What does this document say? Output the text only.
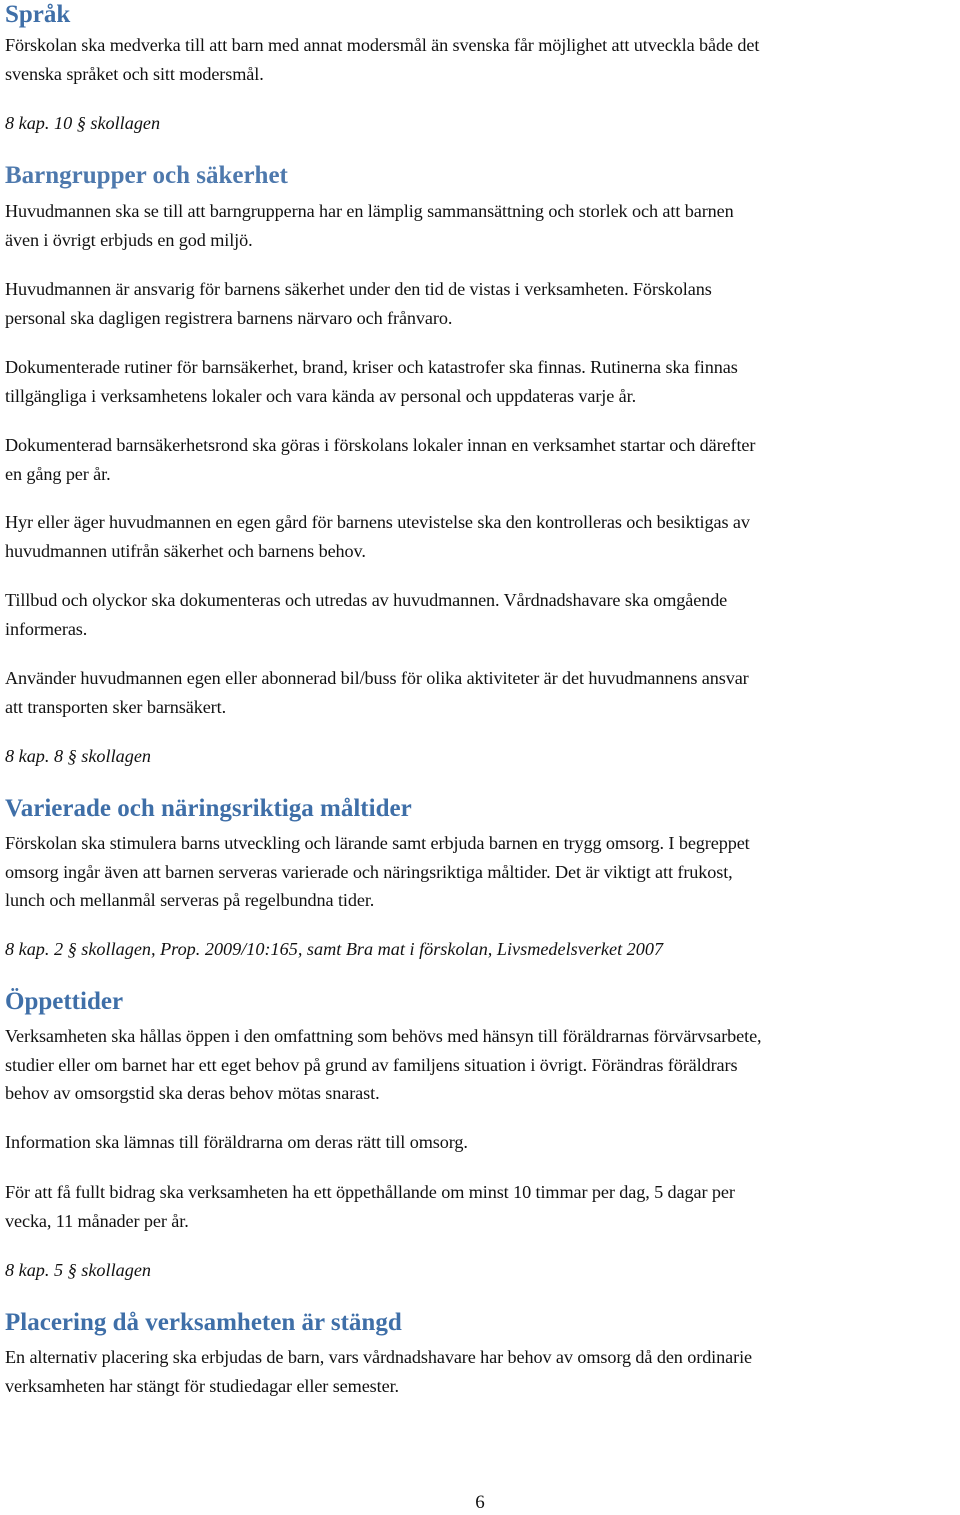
Språk

Förskolan ska medverka till att barn med annat modersmål än svenska får möjlighet att utveckla både det
svenska språket och sitt modersmål.

8 kap. 10 § skollagen

Barngrupper och säkerhet

Huvudmannen ska se till att barngrupperna har en lämplig sammansättning och storlek och att barnen
även i övrigt erbjuds en god miljö.

Huvudmannen är ansvarig för barnens säkerhet under den tid de vistas i verksamheten. Förskolans
personal ska dagligen registrera barnens närvaro och frånvaro.

Dokumenterade rutiner för barnsäkerhet, brand, kriser och katastrofer ska finnas. Rutinerna ska finnas
tillgängliga i verksamhetens lokaler och vara kända av personal och uppdateras varje år.

Dokumenterad barnsäkerhetsrond ska göras i förskolans lokaler innan en verksamhet startar och därefter
en gång per år.

Hyr eller äger huvudmannen en egen gård för barnens utevistelse ska den kontrolleras och besiktigas av
huvudmannen utifrån säkerhet och barnens behov.

Tillbud och olyckor ska dokumenteras och utredas av huvudmannen. Vårdnadshavare ska omgående
informeras.

Använder huvudmannen egen eller abonnerad bil/buss för olika aktiviteter är det huvudmannens ansvar
att transporten sker barnsäkert.

8 kap. 8 § skollagen

Varierade och näringsriktiga måltider

Förskolan ska stimulera barns utveckling och lärande samt erbjuda barnen en trygg omsorg. I begreppet
omsorg ingår även att barnen serveras varierade och näringsriktiga måltider. Det är viktigt att frukost,
lunch och mellanmål serveras på regelbundna tider.

8 kap. 2 § skollagen, Prop. 2009/10:165, samt Bra mat i förskolan, Livsmedelsverket 2007

Öppettider

Verksamheten ska hållas öppen i den omfattning som behövs med hänsyn till föräldrarnas förvärvsarbete,
studier eller om barnet har ett eget behov på grund av familjens situation i övrigt. Förändras föräldrars
behov av omsorgstid ska deras behov mötas snarast.

Information ska lämnas till föräldrarna om deras rätt till omsorg.

För att få fullt bidrag ska verksamheten ha ett öppethållande om minst 10 timmar per dag, 5 dagar per
vecka, 11 månader per år.

8 kap. 5 § skollagen

Placering då verksamheten är stängd

En alternativ placering ska erbjudas de barn, vars vårdnadshavare har behov av omsorg då den ordinarie
verksamheten har stängt för studiedagar eller semester.

6
